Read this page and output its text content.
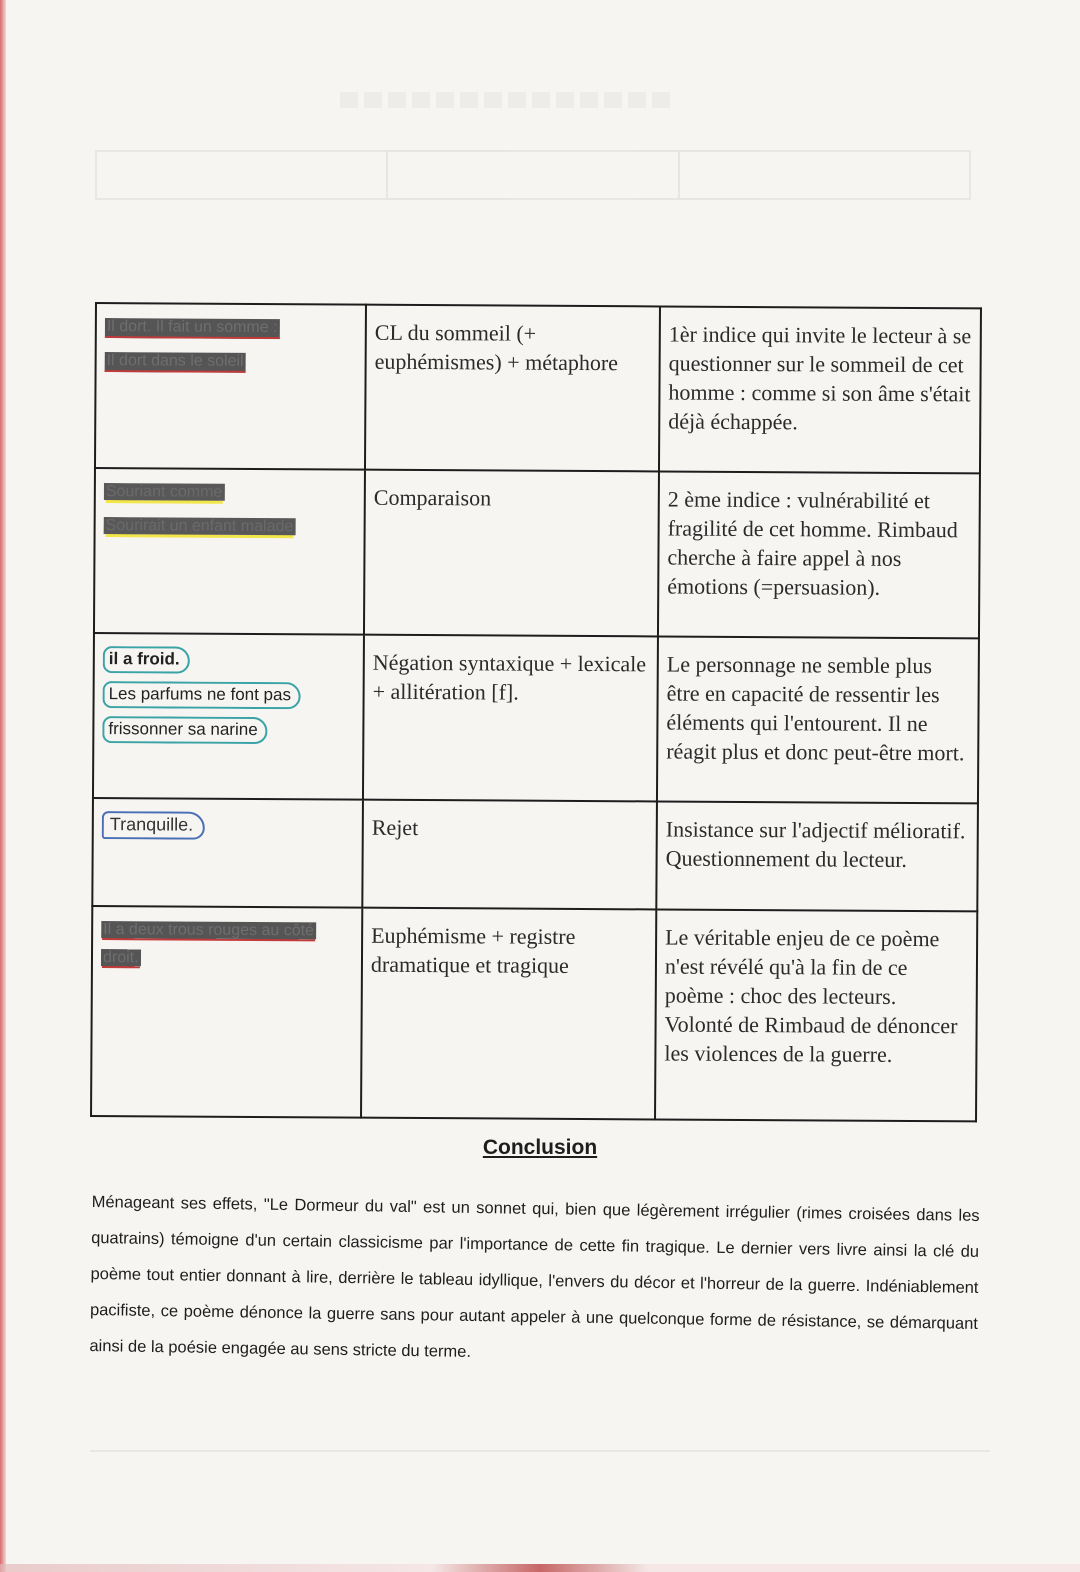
Il dort. Il fait un somme :
Il dort dans le soleil
	CL du sommeil (+ euphémismes) + métaphore	1èr indice qui invite le lecteur à se questionner sur le sommeil de cet homme : comme si son âme s'était déjà échappée.

Souriant comme
Sourirait un enfant malade
	Comparaison	2 ème indice : vulnérabilité et fragilité de cet homme. Rimbaud cherche à faire appel à nos émotions (=persuasion).

il a froid.
Les parfums ne font pas
frissonner sa narine
	Négation syntaxique + lexicale + allitération [f].	Le personnage ne semble plus être en capacité de ressentir les éléments qui l'entourent. Il ne réagit plus et donc peut-être mort.

Tranquille.	Rejet	Insistance sur l'adjectif mélioratif. Questionnement du lecteur.

Il a deux trous rouges au côté
droit.
	Euphémisme + registre dramatique et tragique	Le véritable enjeu de ce poème n'est révélé qu'à la fin de ce poème : choc des lecteurs. Volonté de Rimbaud de dénoncer les violences de la guerre.
Conclusion
Ménageant ses effets, "Le Dormeur du val" est un sonnet qui, bien que légèrement irrégulier (rimes croisées dans les quatrains) témoigne d'un certain classicisme par l'importance de cette fin tragique. Le dernier vers livre ainsi la clé du poème tout entier donnant à lire, derrière le tableau idyllique, l'envers du décor et l'horreur de la guerre. Indéniablement pacifiste, ce poème dénonce la guerre sans pour autant appeler à une quelconque forme de résistance, se démarquant ainsi de la poésie engagée au sens stricte du terme.
